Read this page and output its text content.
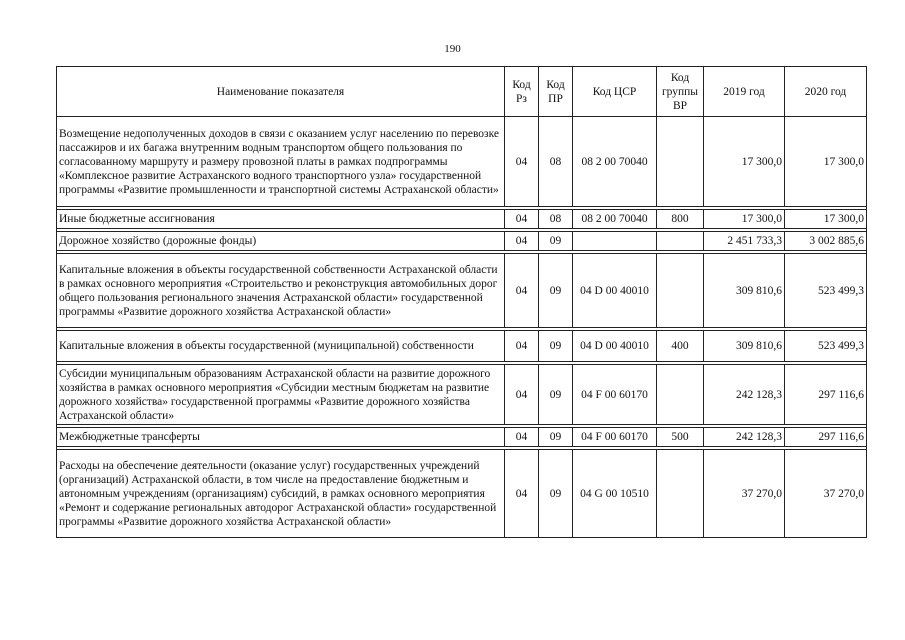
190
Наименование показателя	Код Рз	Код ПР	Код ЦСР	Код группы ВР	2019 год	2020 год
Возмещение недополученных доходов в связи с оказанием услуг населению по перевозке пассажиров и их багажа внутренним водным транспортом общего пользования по согласованному маршруту и размеру провозной платы в рамках подпрограммы «Комплексное развитие Астраханского водного транспортного узла» государственной программы «Развитие промышленности и транспортной системы Астраханской области»	04	08	08 2 00 70040		17 300,0	17 300,0

Иные бюджетные ассигнования	04	08	08 2 00 70040	800	17 300,0	17 300,0

Дорожное хозяйство (дорожные фонды)	04	09			2 451 733,3	3 002 885,6

Капитальные вложения в объекты государственной собственности Астраханской области в рамках основного мероприятия «Строительство и реконструкция автомобильных дорог общего пользования регионального значения Астраханской области» государственной программы «Развитие дорожного хозяйства Астраханской области»	04	09	04 D 00 40010		309 810,6	523 499,3

Капитальные вложения в объекты государственной (муниципальной) собственности	04	09	04 D 00 40010	400	309 810,6	523 499,3

Субсидии муниципальным образованиям Астраханской области на развитие дорожного хозяйства в рамках основного мероприятия «Субсидии местным бюджетам на развитие дорожного хозяйства» государственной программы «Развитие дорожного хозяйства Астраханской области»	04	09	04 F 00 60170		242 128,3	297 116,6

Межбюджетные трансферты	04	09	04 F 00 60170	500	242 128,3	297 116,6

Расходы на обеспечение деятельности (оказание услуг) государственных учреждений (организаций) Астраханской области, в том числе на предоставление бюджетным и автономным учреждениям (организациям) субсидий, в рамках основного мероприятия «Ремонт и содержание региональных автодорог Астраханской области» государственной программы «Развитие дорожного хозяйства Астраханской области»	04	09	04 G 00 10510		37 270,0	37 270,0
